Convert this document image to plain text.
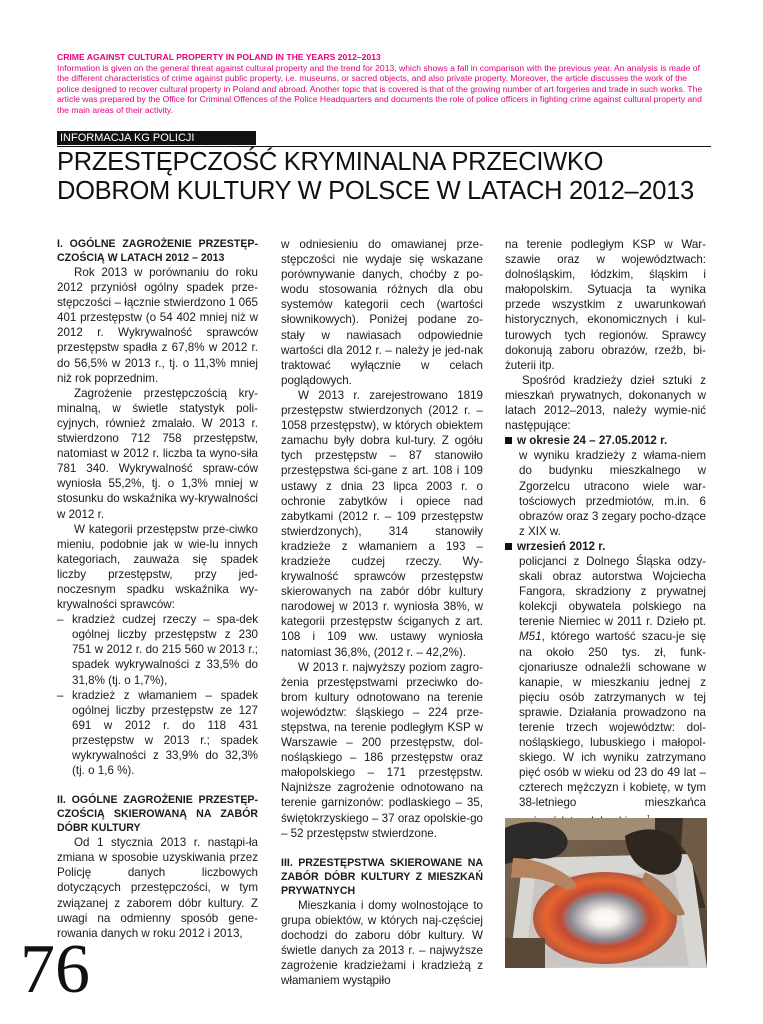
CRIME AGAINST CULTURAL PROPERTY IN POLAND IN THE YEARS 2012–2013
Information is given on the general threat against cultural property and the trend for 2013, which shows a fall in comparison with the previous year. An analysis is made of the different characteristics of crime against public property, i.e. museums, or sacred objects, and also private property. Moreover, the article discusses the work of the police designed to recover cultural property in Poland and abroad. Another topic that is covered is that of the growing number of art forgeries and trade in such works. The article was prepared by the Office for Criminal Offences of the Police Headquarters and documents the role of police officers in fighting crime against cultural property and the main areas of their activity.
INFORMACJA KG POLICJI
PRZESTĘPCZOŚĆ KRYMINALNA PRZECIWKO DOBROM KULTURY W POLSCE W LATACH 2012–2013
I. OGÓLNE ZAGROŻENIE PRZESTĘP-CZOŚCIĄ W LATACH 2012 – 2013

Rok 2013 w porównaniu do roku 2012 przyniósł ogólny spadek prze-stępczości – łącznie stwierdzono 1 065 401 przestępstw (o 54 402 mniej niż w 2012 r. Wykrywalność sprawców przestępstw spadła z 67,8% w 2012 r. do 56,5% w 2013 r., tj. o 11,3% mniej niż rok poprzednim.

Zagrożenie przestępczością kry-minalną, w świetle statystyk poli-cyjnych, również zmalało. W 2013 r. stwierdzono 712 758 przestępstw, natomiast w 2012 r. liczba ta wyno-siła 781 340. Wykrywalność spraw-ców wyniosła 55,2%, tj. o 1,3% mniej w stosunku do wskaźnika wy-krywalności w 2012 r.

W kategorii przestępstw prze-ciwko mieniu, podobnie jak w wie-lu innych kategoriach, zauważa się spadek liczby przestępstw, przy jed-noczesnym spadku wskaźnika wy-krywalności sprawców:

– kradzież cudzej rzeczy – spa-dek ogólnej liczby przestępstw z 230 751 w 2012 r. do 215 560 w 2013 r.; spadek wykrywalności z 33,5% do 31,8% (tj. o 1,7%),
– kradzież z włamaniem – spadek ogólnej liczby przestępstw ze 127 691 w 2012 r. do 118 431 przestępstw w 2013 r.; spadek wykrywalności z 33,9% do 32,3% (tj. o 1,6 %).
II. OGÓLNE ZAGROŻENIE PRZESTĘP-CZOŚCIĄ SKIEROWANĄ NA ZABÓR DÓBR KULTURY

Od 1 stycznia 2013 r. nastąpi-ła zmiana w sposobie uzyskiwania przez Policję danych liczbowych dotyczących przestępczości, w tym związanej z zaborem dóbr kultury. Z uwagi na odmienny sposób gene-rowania danych w roku 2012 i 2013,

w odniesieniu do omawianej prze-stępczości nie wydaje się wskazane porównywanie danych, choćby z po-wodu stosowania różnych dla obu systemów kategorii cech (wartości słownikowych). Poniżej podane zo-stały w nawiasach odpowiednie wartości dla 2012 r. – należy je jed-nak traktować wyłącznie w celach poglądowych.

W 2013 r. zarejestrowano 1819 przestępstw stwierdzonych (2012 r. – 1058 przestępstw), w których obiektem zamachu były dobra kul-tury. Z ogółu tych przestępstw – 87 stanowiło przestępstwa ści-gane z art. 108 i 109 ustawy z dnia 23 lipca 2003 r. o ochronie zabytków i opiece nad zabytkami (2012 r. – 109 przestępstw stwierdzonych), 314 stanowiły kradzieże z włamaniem a 193 – kradzieże cudzej rzeczy. Wy-krywalność sprawców przestępstw skierowanych na zabór dóbr kultury narodowej w 2013 r. wyniosła 38%, w kategorii przestępstw ściganych z art. 108 i 109 ww. ustawy wyniosła natomiast 36,8%, (2012 r. – 42,2%).

W 2013 r. najwyższy poziom zagro-żenia przestępstwami przeciwko do-brom kultury odnotowano na terenie województw: śląskiego – 224 prze-stępstwa, na terenie podległym KSP w Warszawie – 200 przestępstw, dol-nośląskiego – 186 przestępstw oraz małopolskiego – 171 przestępstw. Najniższe zagrożenie odnotowano na terenie garnizonów: podlaskiego – 35, świętokrzyskiego – 37 oraz opolskie-go – 52 przestępstw stwierdzone.

III. PRZESTĘPSTWA SKIEROWANE NA ZABÓR DÓBR KULTURY Z MIESZKAŃ PRYWATNYCH

Mieszkania i domy wolnostojące to grupa obiektów, w których naj-częściej dochodzi do zaboru dóbr kultury. W świetle danych za 2013 r. – najwyższe zagrożenie kradzieżami i kradzieżą z włamaniem wystąpiło

na terenie podległym KSP w War-szawie oraz w województwach: dolnośląskim, łódzkim, śląskim i małopolskim. Sytuacja ta wynika przede wszystkim z uwarunkowań historycznych, ekonomicznych i kul-turowych tych regionów. Sprawcy dokonują zaboru obrazów, rzeźb, bi-żuterii itp.

Spośród kradzieży dzieł sztuki z mieszkań prywatnych, dokonanych w latach 2012–2013, należy wymie-nić następujące:

w okresie 24 – 27.05.2012 r.
w wyniku kradzieży z włama-niem do budynku mieszkalnego w Zgorzelcu utracono wiele war-tościowych przedmiotów, m.in. 6 obrazów oraz 3 zegary pocho-dzące z XIX w.
wrzesień 2012 r.
policjanci z Dolnego Śląska odzy-skali obraz autorstwa Wojciecha Fangora, skradziony z prywatnej kolekcji obywatela polskiego na terenie Niemiec w 2011 r. Dzieło pt. M51, którego wartość szacu-je się na około 250 tys. zł, funk-cjonariusze odnaleźli schowane w kanapie, w mieszkaniu jednej z pięciu osób zatrzymanych w tej sprawie. Działania prowadzono na terenie trzech województw: dol-nośląskiego, lubuskiego i małopol-skiego. W ich wyniku zatrzymano pięć osób w wieku od 23 do 49 lat – czterech mężczyzn i kobietę, w tym 38-letniego mieszkańca
76
